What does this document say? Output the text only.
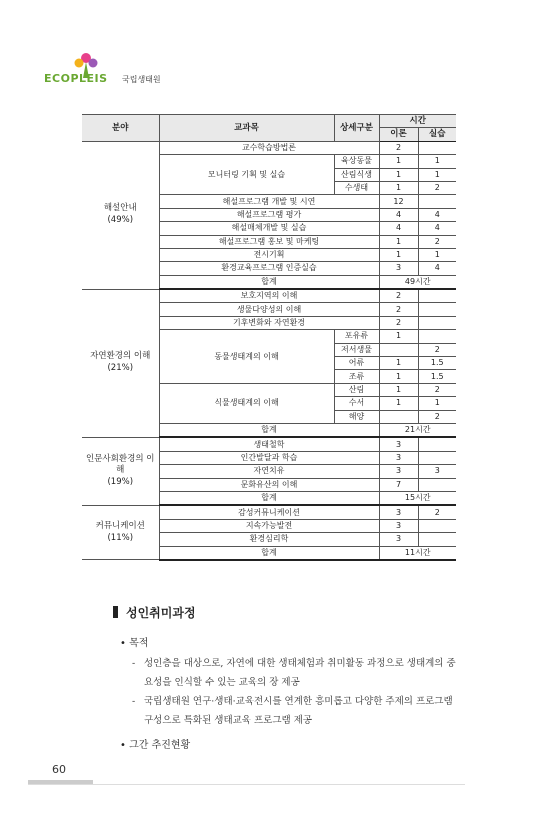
ECOPLEIS 국립생태원
분야	교과목	상세구분	시간	
			이론	실습
해설안내
(49%)	교수학습방법론		2	
	모니터링 기획 및 실습	육상동물	1	1
		산림식생	1	1
		수생태	1	2
	해설프로그램 개발 및 시연		12	
	해설프로그램 평가		4	4
	해설매체개발 및 실습		4	4
	해설프로그램 홍보 및 마케팅		1	2
	전시기획		1	1
	환경교육프로그램 인증실습		3	4
	합계		49시간	
자연환경의 이해
(21%)	보호지역의 이해		2	
	생물다양성의 이해		2	
	기후변화와 자연환경		2	
	동물생태계의 이해	포유류	1	
		저서생물		2
		어류	1	1.5
		조류	1	1.5
	식물생태계의 이해	산림	1	2
		수서	1	1
		해양		2
	합계		21시간	
인문사회환경의 이해
(19%)	생태철학		3	
	인간발달과 학습		3	
	자연치유		3	3
	문화유산의 이해		7	
	합계		15시간	
커뮤니케이션
(11%)	감성커뮤니케이션		3	2
	지속가능발전		3	
	환경심리학		3	
	합계		11시간	
성인취미과정
• 목적
- 성인층을 대상으로, 자연에 대한 생태체험과 취미활동 과정으로 생태계의 중
요성을 인식할 수 있는 교육의 장 제공
- 국립생태원 연구·생태·교육전시를 연계한 흥미롭고 다양한 주제의 프로그램
구성으로 특화된 생태교육 프로그램 제공
• 그간 추진현황
60
